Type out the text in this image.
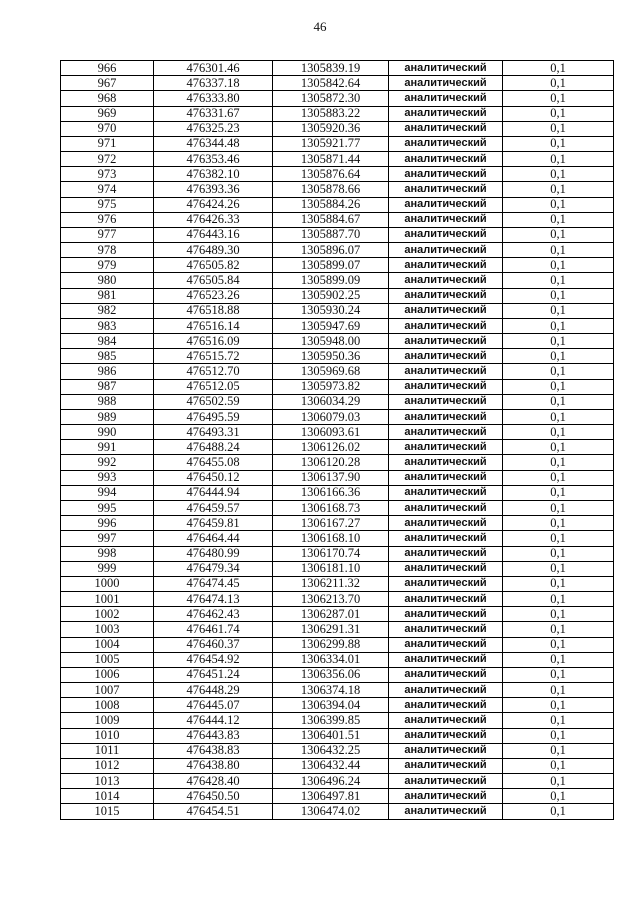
46
966	476301.46	1305839.19	аналитический	0,1
967	476337.18	1305842.64	аналитический	0,1
968	476333.80	1305872.30	аналитический	0,1
969	476331.67	1305883.22	аналитический	0,1
970	476325.23	1305920.36	аналитический	0,1
971	476344.48	1305921.77	аналитический	0,1
972	476353.46	1305871.44	аналитический	0,1
973	476382.10	1305876.64	аналитический	0,1
974	476393.36	1305878.66	аналитический	0,1
975	476424.26	1305884.26	аналитический	0,1
976	476426.33	1305884.67	аналитический	0,1
977	476443.16	1305887.70	аналитический	0,1
978	476489.30	1305896.07	аналитический	0,1
979	476505.82	1305899.07	аналитический	0,1
980	476505.84	1305899.09	аналитический	0,1
981	476523.26	1305902.25	аналитический	0,1
982	476518.88	1305930.24	аналитический	0,1
983	476516.14	1305947.69	аналитический	0,1
984	476516.09	1305948.00	аналитический	0,1
985	476515.72	1305950.36	аналитический	0,1
986	476512.70	1305969.68	аналитический	0,1
987	476512.05	1305973.82	аналитический	0,1
988	476502.59	1306034.29	аналитический	0,1
989	476495.59	1306079.03	аналитический	0,1
990	476493.31	1306093.61	аналитический	0,1
991	476488.24	1306126.02	аналитический	0,1
992	476455.08	1306120.28	аналитический	0,1
993	476450.12	1306137.90	аналитический	0,1
994	476444.94	1306166.36	аналитический	0,1
995	476459.57	1306168.73	аналитический	0,1
996	476459.81	1306167.27	аналитический	0,1
997	476464.44	1306168.10	аналитический	0,1
998	476480.99	1306170.74	аналитический	0,1
999	476479.34	1306181.10	аналитический	0,1
1000	476474.45	1306211.32	аналитический	0,1
1001	476474.13	1306213.70	аналитический	0,1
1002	476462.43	1306287.01	аналитический	0,1
1003	476461.74	1306291.31	аналитический	0,1
1004	476460.37	1306299.88	аналитический	0,1
1005	476454.92	1306334.01	аналитический	0,1
1006	476451.24	1306356.06	аналитический	0,1
1007	476448.29	1306374.18	аналитический	0,1
1008	476445.07	1306394.04	аналитический	0,1
1009	476444.12	1306399.85	аналитический	0,1
1010	476443.83	1306401.51	аналитический	0,1
1011	476438.83	1306432.25	аналитический	0,1
1012	476438.80	1306432.44	аналитический	0,1
1013	476428.40	1306496.24	аналитический	0,1
1014	476450.50	1306497.81	аналитический	0,1
1015	476454.51	1306474.02	аналитический	0,1
